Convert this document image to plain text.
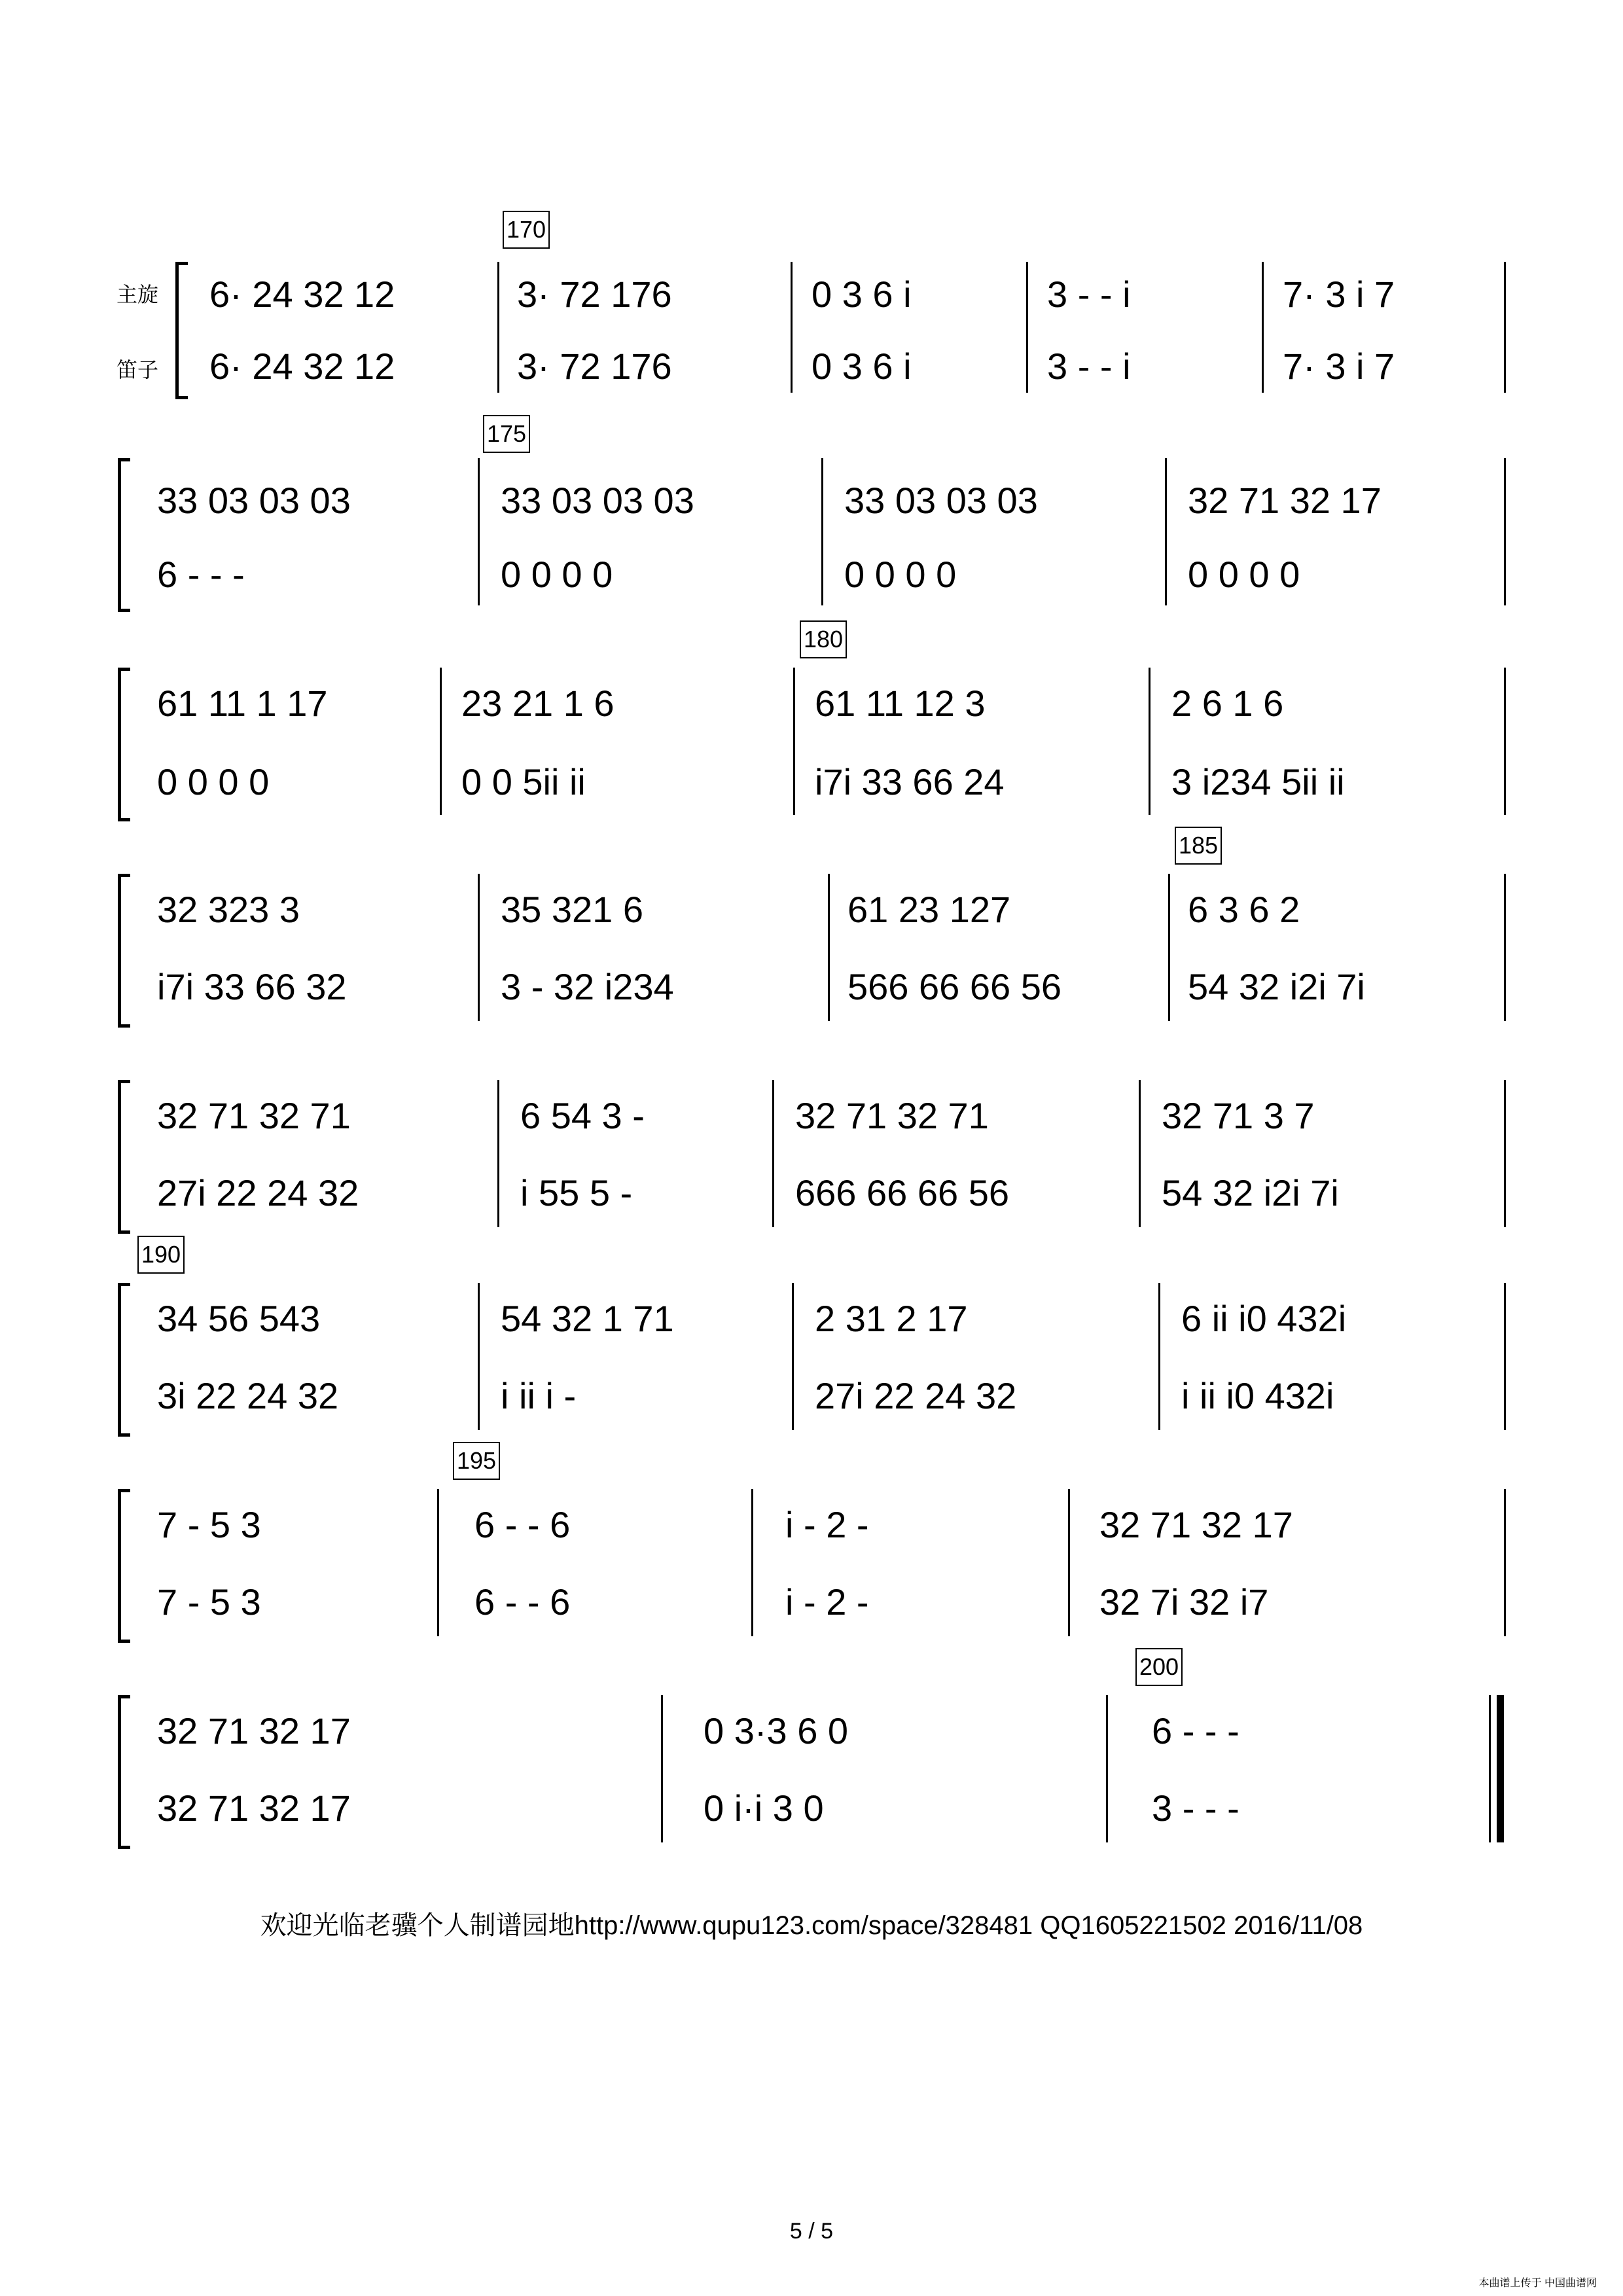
主旋
笛子
170
6· 24 32 12	3· 72 176	0 3 6 i	3 - - i	7· 3 i 7
6· 24 32 12	3· 72 176	0 3 6 i	3 - - i	7· 3 i 7
175
33 03 03 03	33 03 03 03	33 03 03 03	32 71 32 17
6 - - -	0 0 0 0	0 0 0 0	0 0 0 0
180
61 11 1 17	23 21 1 6	61 11 12 3	2 6 1 6
0 0 0 0	0 0 5ii ii	i7i 33 66 24	3 i234 5ii ii
185
32 323 3	35 321 6	61 23 127	6 3 6 2
i7i 33 66 32	3 - 32 i234	566 66 66 56	54 32 i2i 7i
32 71 32 71	6 54 3 -	32 71 32 71	32 71 3 7
27i 22 24 32	i 55 5 -	666 66 66 56	54 32 i2i 7i
190
34 56 543	54 32 1 71	2 31 2 17	6 ii i0 432i
3i 22 24 32	i ii i -	27i 22 24 32	i ii i0 432i
195
7 - 5 3	6 - - 6	i - 2 -	32 71 32 17
7 - 5 3	6 - - 6	i - 2 -	32 7i 32 i7
200
32 71 32 17	0 3·3 6 0	6 - - -
32 71 32 17	0 i·i 3 0	3 - - -
欢迎光临老骥个人制谱园地http://www.qupu123.com/space/328481 QQ1605221502 2016/11/08
5 / 5
本曲谱上传于 中国曲谱网
